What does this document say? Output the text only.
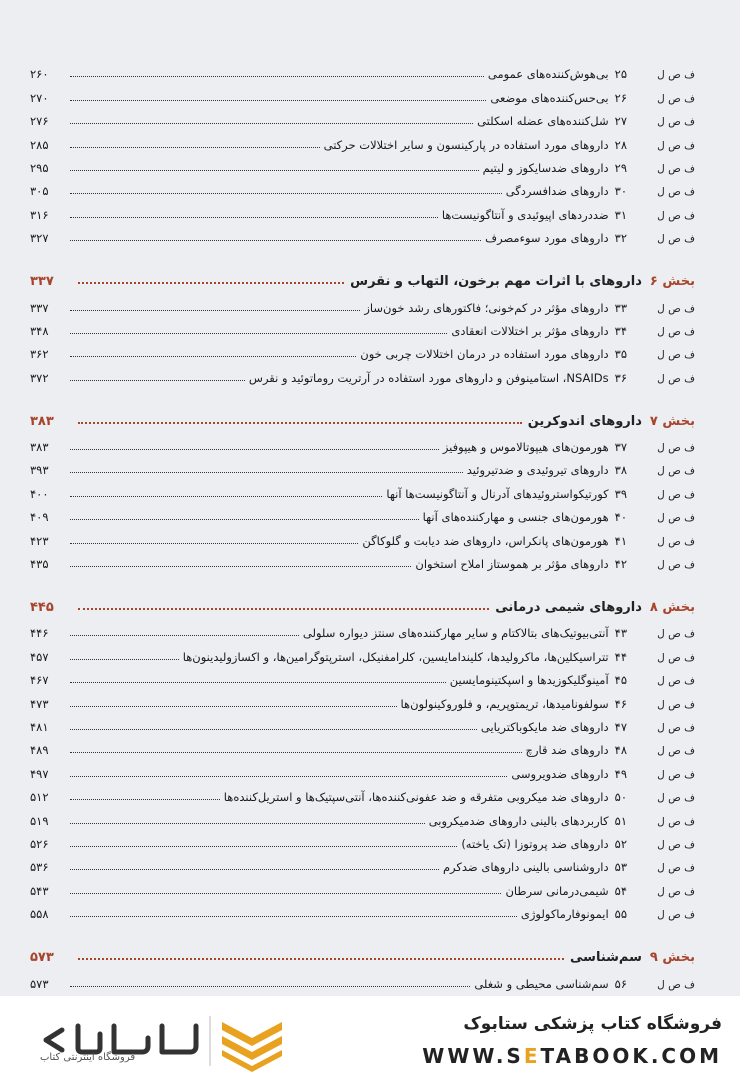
ف ص ل
۲۵
بی‌هوش‌کننده‌های عمومی
۲۶۰
ف ص ل
۲۶
بی‌حس‌کننده‌های موضعی
۲۷۰
ف ص ل
۲۷
شل‌کننده‌های عضله اسکلتی
۲۷۶
ف ص ل
۲۸
داروهای مورد استفاده در پارکینسون و سایر اختلالات حرکتی
۲۸۵
ف ص ل
۲۹
داروهای ضدسایکوز و لیتیم
۲۹۵
ف ص ل
۳۰
داروهای ضدافسردگی
۳۰۵
ف ص ل
۳۱
ضددردهای اپیوئیدی و آنتاگونیست‌ها
۳۱۶
ف ص ل
۳۲
داروهای مورد سوءمصرف
۳۲۷
بخش ۶
داروهای با اثرات مهم برخون، التهاب و نقرس
۳۳۷
ف ص ل
۳۳
داروهای مؤثر در کم‌خونی؛ فاکتورهای رشد خون‌ساز
۳۳۷
ف ص ل
۳۴
داروهای مؤثر بر اختلالات انعقادی
۳۴۸
ف ص ل
۳۵
داروهای مورد استفاده در درمان اختلالات چربی خون
۳۶۲
ف ص ل
۳۶
NSAIDs، استامینوفن و داروهای مورد استفاده در آرتریت روماتوئید و نقرس
۳۷۲
بخش ۷
داروهای اندوکرین
۳۸۳
ف ص ل
۳۷
هورمون‌های هیپوتالاموس و هیپوفیز
۳۸۳
ف ص ل
۳۸
داروهای تیروئیدی و ضدتیروئید
۳۹۳
ف ص ل
۳۹
کورتیکواستروئیدهای آدرنال و آنتاگونیست‌ها آنها
۴۰۰
ف ص ل
۴۰
هورمون‌های جنسی و مهارکننده‌های آنها
۴۰۹
ف ص ل
۴۱
هورمون‌های پانکراس، داروهای ضد دیابت و گلوکاگن
۴۲۳
ف ص ل
۴۲
داروهای مؤثر بر هموستاز املاح استخوان
۴۳۵
بخش ۸
داروهای شیمی درمانی
۴۴۵
ف ص ل
۴۳
آنتی‌بیوتیک‌های بتالاکتام و سایر مهارکننده‌های سنتز دیواره سلولی
۴۴۶
ف ص ل
۴۴
تتراسیکلین‌ها، ماکرولیدها، کلیندامایسین، کلرامفنیکل، استرپتوگرامین‌ها، و اکسازولیدینون‌ها
۴۵۷
ف ص ل
۴۵
آمینوگلیکوزیدها و اسپکتینومایسین
۴۶۷
ف ص ل
۴۶
سولفونامیدها، تریمتوپریم، و فلوروکینولون‌ها
۴۷۳
ف ص ل
۴۷
داروهای ضد مایکوباکتریایی
۴۸۱
ف ص ل
۴۸
داروهای ضد قارچ
۴۸۹
ف ص ل
۴۹
داروهای ضدویروسی
۴۹۷
ف ص ل
۵۰
داروهای ضد میکروبی متفرقه و ضد عفونی‌کننده‌ها، آنتی‌سپتیک‌ها و استریل‌کننده‌ها
۵۱۲
ف ص ل
۵۱
کاربردهای بالینی داروهای ضدمیکروبی
۵۱۹
ف ص ل
۵۲
داروهای ضد پروتوزا (تک یاخته)
۵۲۶
ف ص ل
۵۳
داروشناسی بالینی داروهای ضدکرم
۵۳۶
ف ص ل
۵۴
شیمی‌درمانی سرطان
۵۴۳
ف ص ل
۵۵
ایمونوفارماکولوژی
۵۵۸
بخش ۹
سم‌شناسی
۵۷۳
ف ص ل
۵۶
سم‌شناسی محیطی و شغلی
۵۷۳
فروشگاه اینترنتی کتاب
فروشگاه کتاب پزشکی ستابوک
WWW.SETABOOK.COM
